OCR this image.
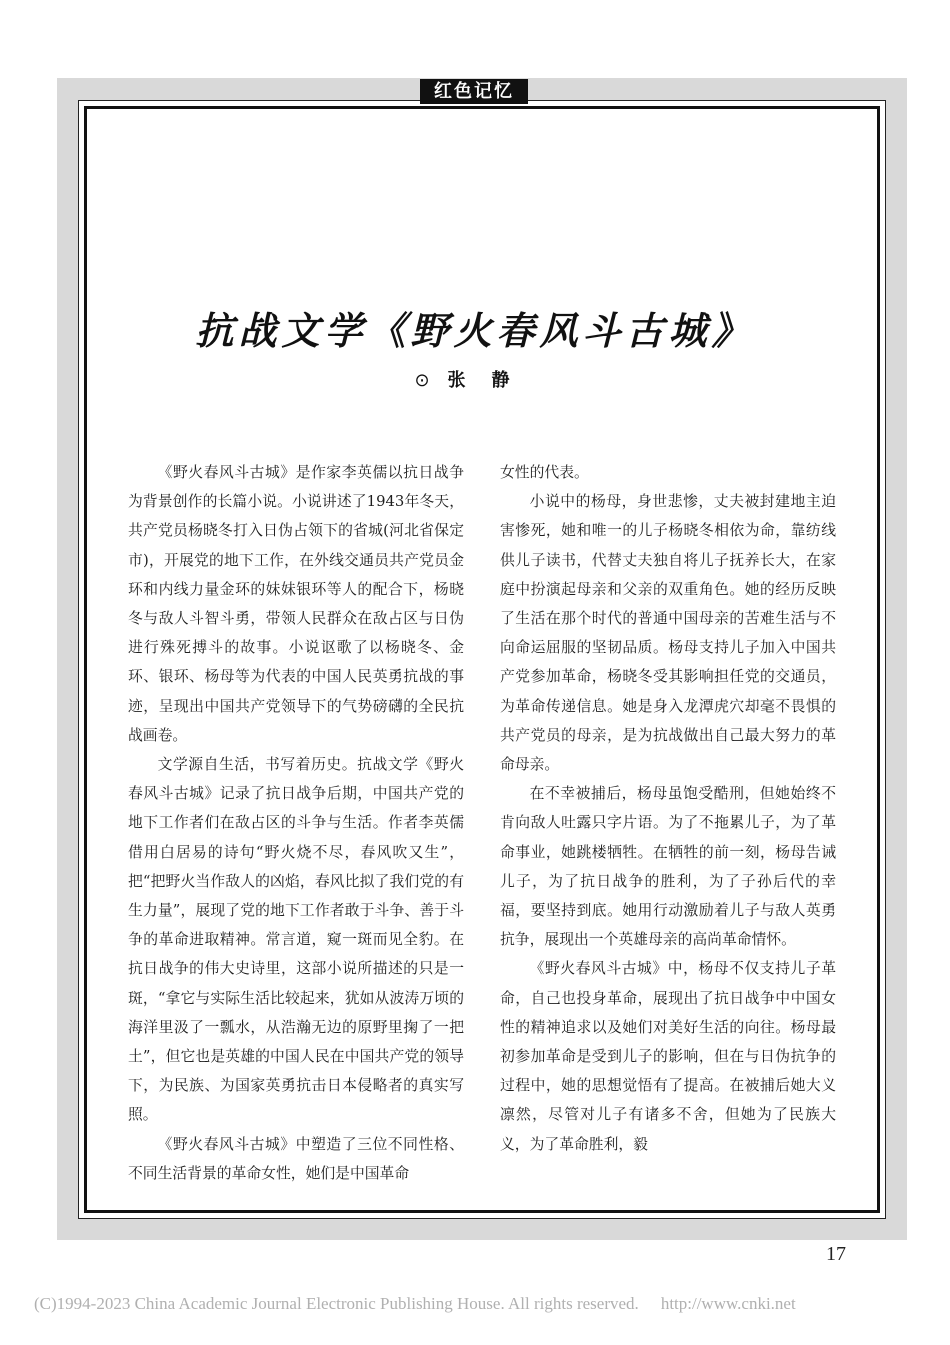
红色记忆
抗战文学《野火春风斗古城》
⊙ 张静

《野火春风斗古城》是作家李英儒以抗日战争为背景创作的长篇小说。小说讲述了1943年冬天，共产党员杨晓冬打入日伪占领下的省城(河北省保定市)，开展党的地下工作，在外线交通员共产党员金环和内线力量金环的妹妹银环等人的配合下，杨晓冬与敌人斗智斗勇，带领人民群众在敌占区与日伪进行殊死搏斗的故事。小说讴歌了以杨晓冬、金环、银环、杨母等为代表的中国人民英勇抗战的事迹，呈现出中国共产党领导下的气势磅礴的全民抗战画卷。

文学源自生活，书写着历史。抗战文学《野火春风斗古城》记录了抗日战争后期，中国共产党的地下工作者们在敌占区的斗争与生活。作者李英儒借用白居易的诗句“野火烧不尽，春风吹又生”，把“把野火当作敌人的凶焰，春风比拟了我们党的有生力量”，展现了党的地下工作者敢于斗争、善于斗争的革命进取精神。常言道，窥一斑而见全豹。在抗日战争的伟大史诗里，这部小说所描述的只是一斑，“拿它与实际生活比较起来，犹如从波涛万顷的海洋里汲了一瓢水，从浩瀚无边的原野里掬了一把土”，但它也是英雄的中国人民在中国共产党的领导下，为民族、为国家英勇抗击日本侵略者的真实写照。

《野火春风斗古城》中塑造了三位不同性格、不同生活背景的革命女性，她们是中国革命

女性的代表。

小说中的杨母，身世悲惨，丈夫被封建地主迫害惨死，她和唯一的儿子杨晓冬相依为命，靠纺线供儿子读书，代替丈夫独自将儿子抚养长大，在家庭中扮演起母亲和父亲的双重角色。她的经历反映了生活在那个时代的普通中国母亲的苦难生活与不向命运屈服的坚韧品质。杨母支持儿子加入中国共产党参加革命，杨晓冬受其影响担任党的交通员，为革命传递信息。她是身入龙潭虎穴却毫不畏惧的共产党员的母亲，是为抗战做出自己最大努力的革命母亲。

在不幸被捕后，杨母虽饱受酷刑，但她始终不肯向敌人吐露只字片语。为了不拖累儿子，为了革命事业，她跳楼牺牲。在牺牲的前一刻，杨母告诫儿子，为了抗日战争的胜利，为了子孙后代的幸福，要坚持到底。她用行动激励着儿子与敌人英勇抗争，展现出一个英雄母亲的高尚革命情怀。

《野火春风斗古城》中，杨母不仅支持儿子革命，自己也投身革命，展现出了抗日战争中中国女性的精神追求以及她们对美好生活的向往。杨母最初参加革命是受到儿子的影响，但在与日伪抗争的过程中，她的思想觉悟有了提高。在被捕后她大义凛然，尽管对儿子有诸多不舍，但她为了民族大义，为了革命胜利，毅

17
(C)1994-2023 China Academic Journal Electronic Publishing House. All rights reserved. http://www.cnki.net
